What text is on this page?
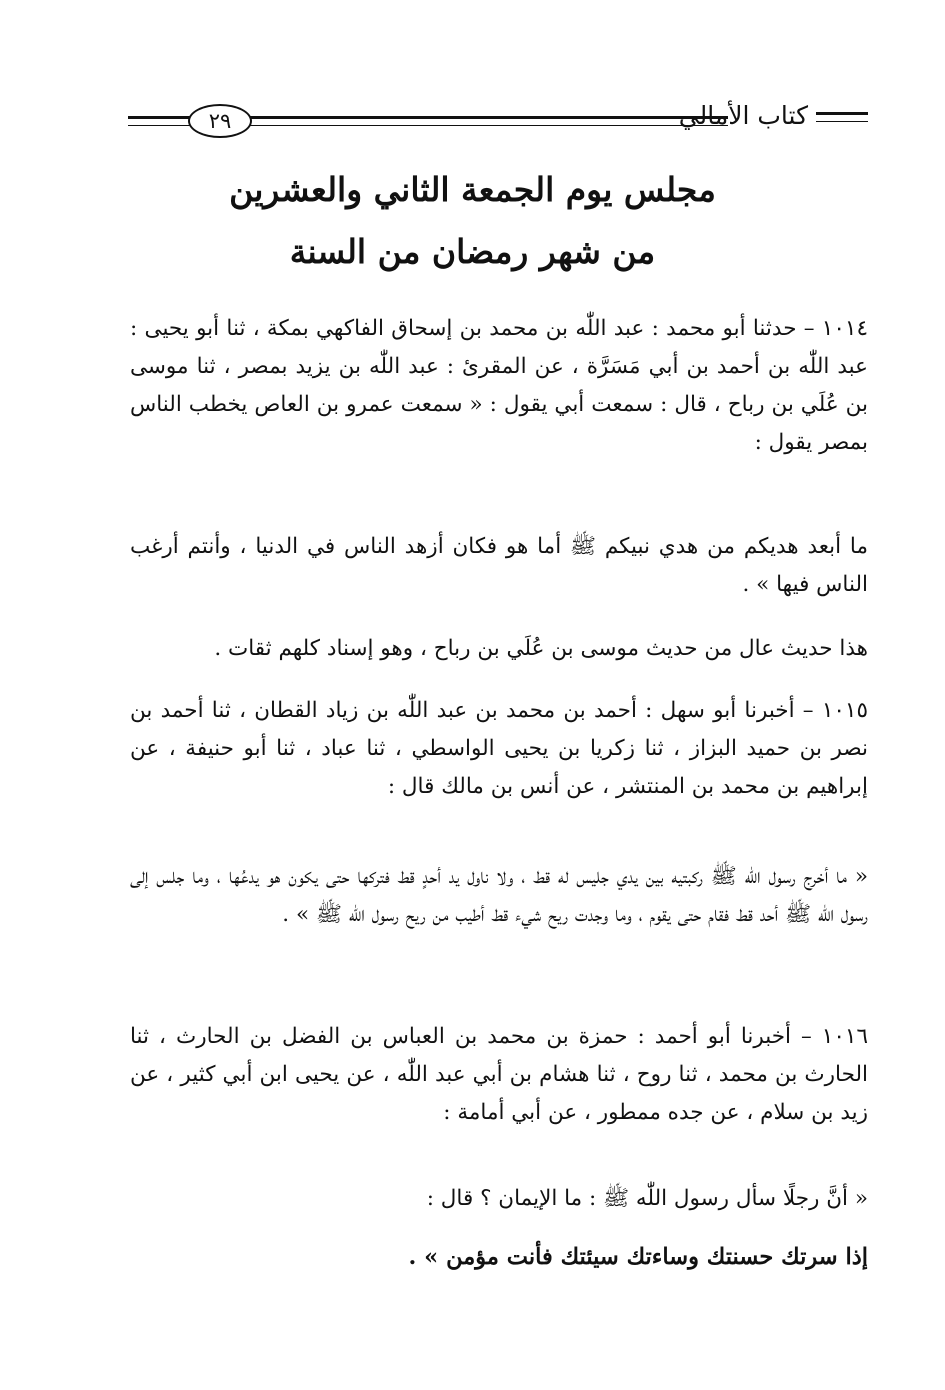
كتاب الأمالي
٢٩
مجلس يوم الجمعة الثاني والعشرين
من شهر رمضان من السنة
١٠١٤ – حدثنا أبو محمد : عبد اللّٰه بن محمد بن إسحاق الفاكهي بمكة ، ثنا أبو يحيى : عبد اللّٰه بن أحمد بن أبي مَسَرَّة ، عن المقرئ : عبد اللّٰه بن يزيد بمصر ، ثنا موسى بن عُلَي بن رباح ، قال : سمعت أبي يقول : « سمعت عمرو بن العاص يخطب الناس بمصر يقول :
ما أبعد هديكم من هدي نبيكم ﷺ أما هو فكان أزهد الناس في الدنيا ، وأنتم أرغب الناس فيها » .
هذا حديث عال من حديث موسى بن عُلَي بن رباح ، وهو إسناد كلهم ثقات .
١٠١٥ – أخبرنا أبو سهل : أحمد بن محمد بن عبد اللّٰه بن زياد القطان ، ثنا أحمد بن نصر بن حميد البزاز ، ثنا زكريا بن يحيى الواسطي ، ثنا عباد ، ثنا أبو حنيفة ، عن إبراهيم بن محمد بن المنتشر ، عن أنس بن مالك قال :
« ما أخرج رسول اللّٰه ﷺ ركبتيه بين يدي جليس له قط ، ولا ناول يد أحدٍ قط فتركها حتى يكون هو يدعُها ، وما جلس إلى رسول اللّٰه ﷺ أحد قط فقام حتى يقوم ، وما وجدت ريح شيء قط أطيب من ريح رسول اللّٰه ﷺ » .
١٠١٦ – أخبرنا أبو أحمد : حمزة بن محمد بن العباس بن الفضل بن الحارث ، ثنا الحارث بن محمد ، ثنا روح ، ثنا هشام بن أبي عبد اللّٰه ، عن يحيى ابن أبي كثير ، عن زيد بن سلام ، عن جده ممطور ، عن أبي أمامة :
« أنَّ رجلًا سأل رسول اللّٰه ﷺ : ما الإيمان ؟ قال :
إذا سرتك حسنتك وساءتك سيئتك فأنت مؤمن » .
